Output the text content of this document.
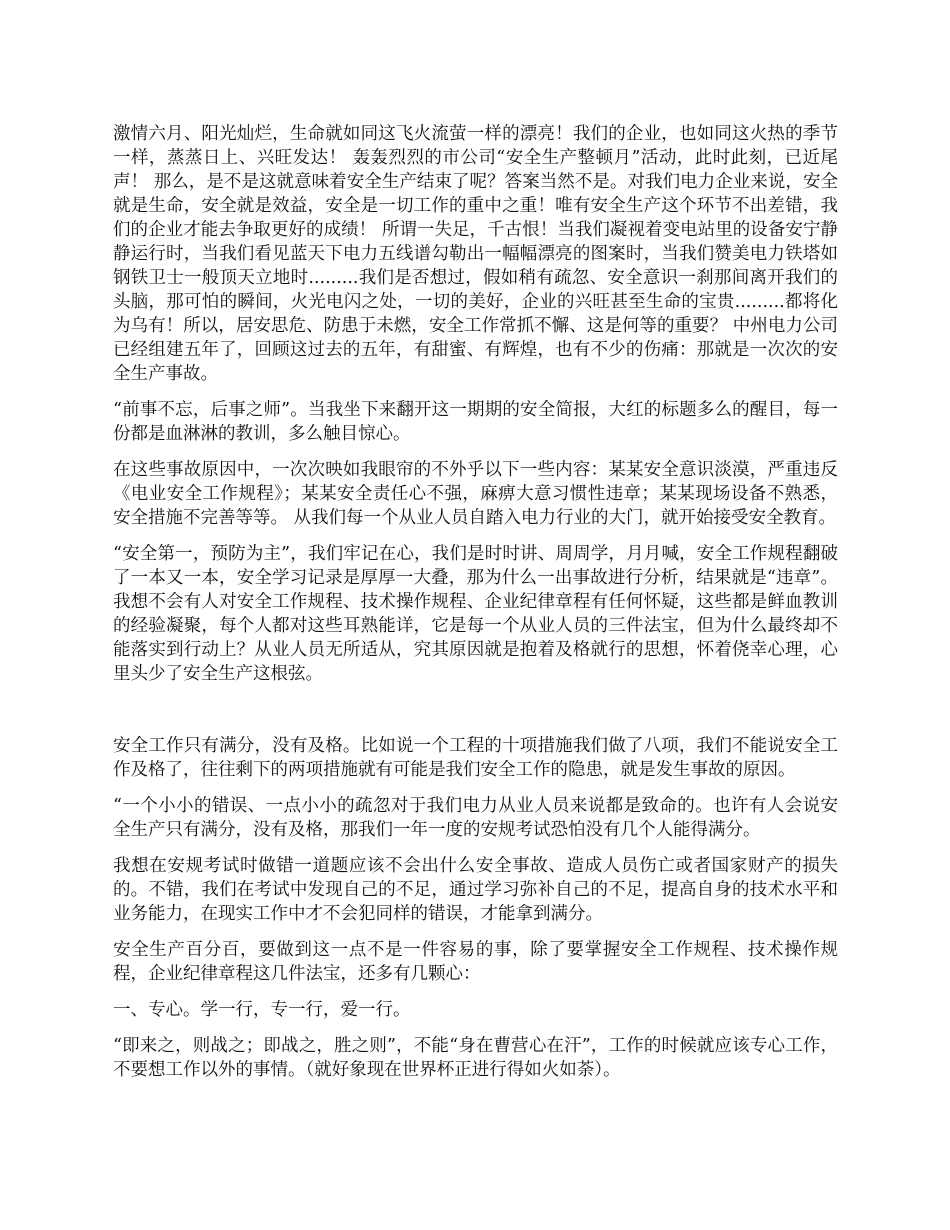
激情六月、阳光灿烂，生命就如同这飞火流萤一样的漂亮！我们的企业，也如同这火热的季节一样，蒸蒸日上、兴旺发达！ 轰轰烈烈的市公司“安全生产整顿月”活动，此时此刻，已近尾声！ 那么，是不是这就意味着安全生产结束了呢？答案当然不是。对我们电力企业来说，安全就是生命，安全就是效益，安全是一切工作的重中之重！唯有安全生产这个环节不出差错，我们的企业才能去争取更好的成绩！ 所谓一失足，千古恨！当我们凝视着变电站里的设备安宁静静运行时，当我们看见蓝天下电力五线谱勾勒出一幅幅漂亮的图案时，当我们赞美电力铁塔如钢铁卫士一般顶天立地时.........我们是否想过，假如稍有疏忽、安全意识一刹那间离开我们的头脑，那可怕的瞬间，火光电闪之处，一切的美好，企业的兴旺甚至生命的宝贵.........都将化为乌有！所以，居安思危、防患于未燃，安全工作常抓不懈、这是何等的重要？ 中州电力公司已经组建五年了，回顾这过去的五年，有甜蜜、有辉煌，也有不少的伤痛：那就是一次次的安全生产事故。

“前事不忘，后事之师”。当我坐下来翻开这一期期的安全简报，大红的标题多么的醒目，每一份都是血淋淋的教训，多么触目惊心。

在这些事故原因中，一次次映如我眼帘的不外乎以下一些内容：某某安全意识淡漠，严重违反《电业安全工作规程》；某某安全责任心不强，麻痹大意习惯性违章；某某现场设备不熟悉，安全措施不完善等等。 从我们每一个从业人员自踏入电力行业的大门，就开始接受安全教育。

“安全第一，预防为主”，我们牢记在心，我们是时时讲、周周学，月月喊，安全工作规程翻破了一本又一本，安全学习记录是厚厚一大叠，那为什么一出事故进行分析，结果就是“违章”。我想不会有人对安全工作规程、技术操作规程、企业纪律章程有任何怀疑，这些都是鲜血教训的经验凝聚，每个人都对这些耳熟能详，它是每一个从业人员的三件法宝，但为什么最终却不能落实到行动上？从业人员无所适从，究其原因就是抱着及格就行的思想，怀着侥幸心理，心里头少了安全生产这根弦。

安全工作只有满分，没有及格。比如说一个工程的十项措施我们做了八项，我们不能说安全工作及格了，往往剩下的两项措施就有可能是我们安全工作的隐患，就是发生事故的原因。

“一个小小的错误、一点小小的疏忽对于我们电力从业人员来说都是致命的。也许有人会说安全生产只有满分，没有及格，那我们一年一度的安规考试恐怕没有几个人能得满分。

我想在安规考试时做错一道题应该不会出什么安全事故、造成人员伤亡或者国家财产的损失的。不错，我们在考试中发现自己的不足，通过学习弥补自己的不足，提高自身的技术水平和业务能力，在现实工作中才不会犯同样的错误，才能拿到满分。

安全生产百分百，要做到这一点不是一件容易的事，除了要掌握安全工作规程、技术操作规程，企业纪律章程这几件法宝，还多有几颗心：

一、专心。学一行，专一行，爱一行。

“即来之，则战之；即战之，胜之则”，不能“身在曹营心在汗”，工作的时候就应该专心工作，不要想工作以外的事情。（就好象现在世界杯正进行得如火如荼）。
